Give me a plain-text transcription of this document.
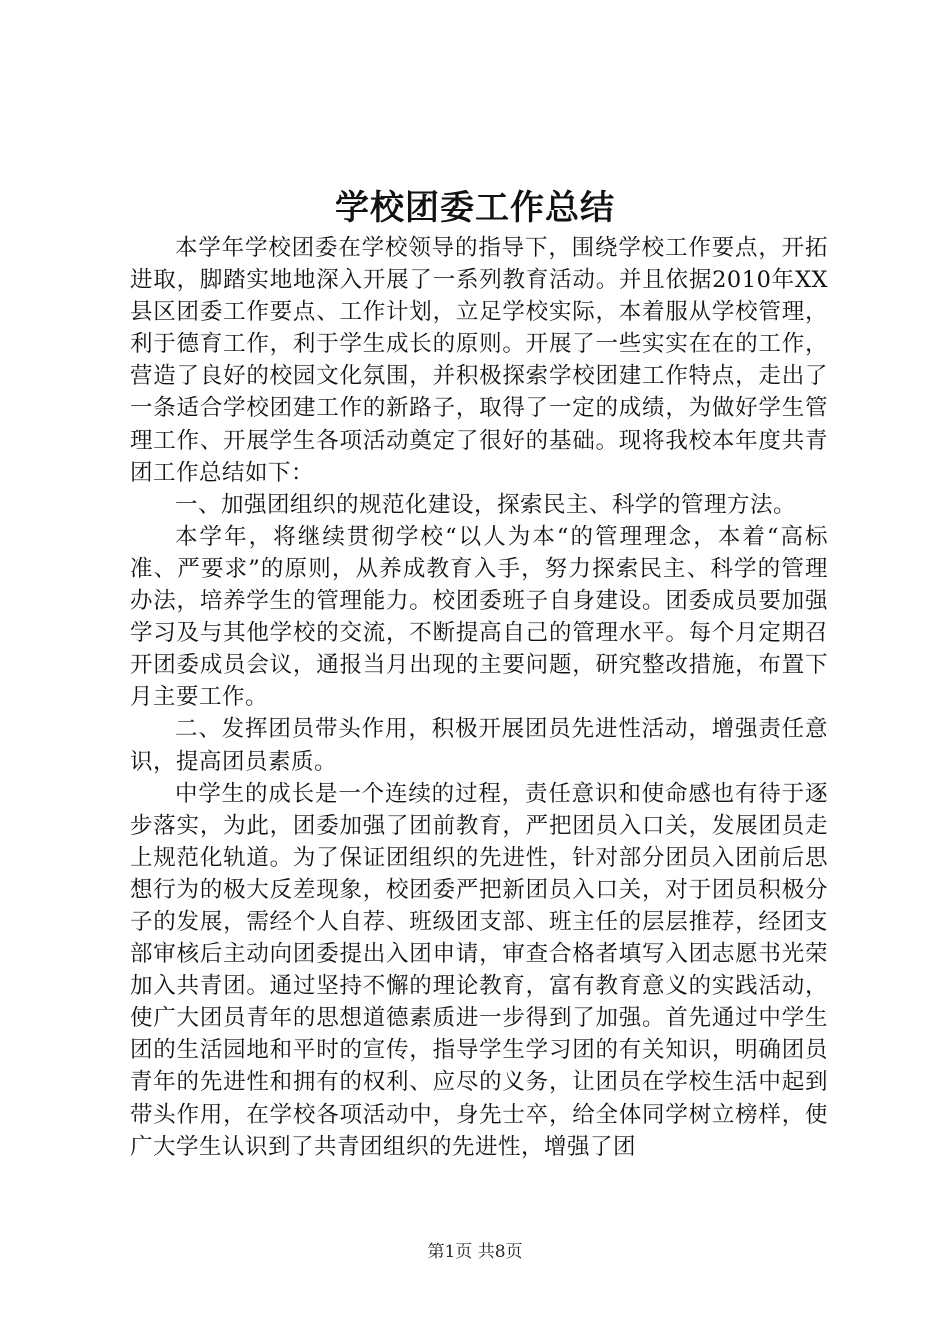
学校团委工作总结

本学年学校团委在学校领导的指导下，围绕学校工作要点，开拓进取，脚踏实地地深入开展了一系列教育活动。并且依据2010年XX县区团委工作要点、工作计划，立足学校实际，本着服从学校管理，利于德育工作，利于学生成长的原则。开展了一些实实在在的工作，营造了良好的校园文化氛围，并积极探索学校团建工作特点，走出了一条适合学校团建工作的新路子，取得了一定的成绩，为做好学生管理工作、开展学生各项活动奠定了很好的基础。现将我校本年度共青团工作总结如下：

一、加强团组织的规范化建设，探索民主、科学的管理方法。

本学年，将继续贯彻学校“以人为本“的管理理念，本着“高标准、严要求”的原则，从养成教育入手，努力探索民主、科学的管理办法，培养学生的管理能力。校团委班子自身建设。团委成员要加强学习及与其他学校的交流，不断提高自己的管理水平。每个月定期召开团委成员会议，通报当月出现的主要问题，研究整改措施，布置下月主要工作。

二、发挥团员带头作用，积极开展团员先进性活动，增强责任意识，提高团员素质。

中学生的成长是一个连续的过程，责任意识和使命感也有待于逐步落实，为此，团委加强了团前教育，严把团员入口关，发展团员走上规范化轨道。为了保证团组织的先进性，针对部分团员入团前后思想行为的极大反差现象，校团委严把新团员入口关，对于团员积极分子的发展，需经个人自荐、班级团支部、班主任的层层推荐，经团支部审核后主动向团委提出入团申请，审查合格者填写入团志愿书光荣加入共青团。通过坚持不懈的理论教育，富有教育意义的实践活动，使广大团员青年的思想道德素质进一步得到了加强。首先通过中学生团的生活园地和平时的宣传，指导学生学习团的有关知识，明确团员青年的先进性和拥有的权利、应尽的义务，让团员在学校生活中起到带头作用，在学校各项活动中，身先士卒，给全体同学树立榜样，使广大学生认识到了共青团组织的先进性，增强了团

第1页 共8页
